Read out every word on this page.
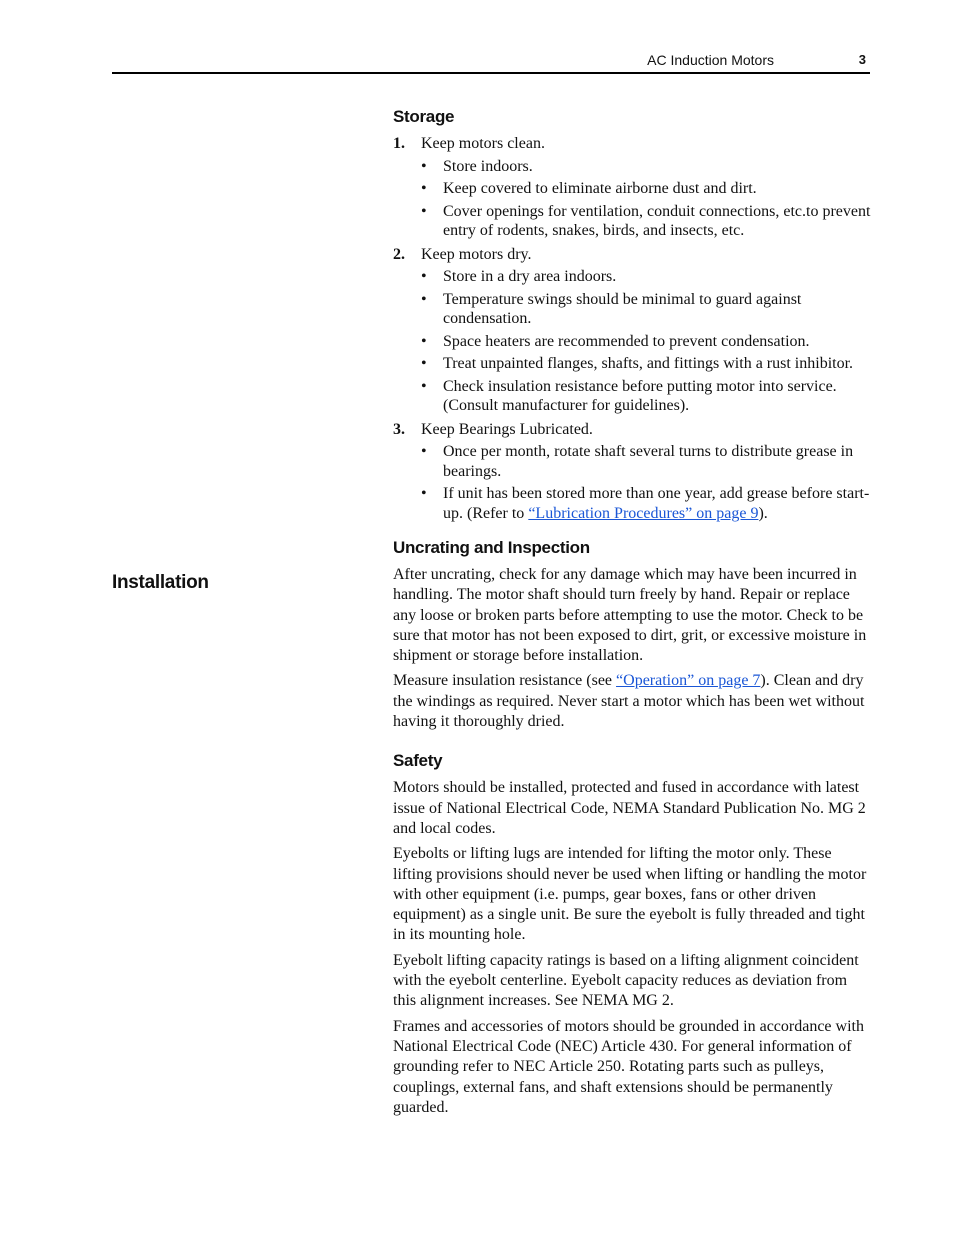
AC Induction Motors	3
Installation
Storage
1. Keep motors clean.
• Store indoors.
• Keep covered to eliminate airborne dust and dirt.
• Cover openings for ventilation, conduit connections, etc.to prevent entry of rodents, snakes, birds, and insects, etc.
2. Keep motors dry.
• Store in a dry area indoors.
• Temperature swings should be minimal to guard against condensation.
• Space heaters are recommended to prevent condensation.
• Treat unpainted flanges, shafts, and fittings with a rust inhibitor.
• Check insulation resistance before putting motor into service. (Consult manufacturer for guidelines).
3. Keep Bearings Lubricated.
• Once per month, rotate shaft several turns to distribute grease in bearings.
• If unit has been stored more than one year, add grease before start-up. (Refer to “Lubrication Procedures” on page 9).
Uncrating and Inspection

After uncrating, check for any damage which may have been incurred in handling. The motor shaft should turn freely by hand. Repair or replace any loose or broken parts before attempting to use the motor. Check to be sure that motor has not been exposed to dirt, grit, or excessive moisture in shipment or storage before installation.

Measure insulation resistance (see “Operation” on page 7). Clean and dry the windings as required. Never start a motor which has been wet without having it thoroughly dried.

Safety

Motors should be installed, protected and fused in accordance with latest issue of National Electrical Code, NEMA Standard Publication No. MG 2 and local codes.

Eyebolts or lifting lugs are intended for lifting the motor only. These lifting provisions should never be used when lifting or handling the motor with other equipment (i.e. pumps, gear boxes, fans or other driven equipment) as a single unit. Be sure the eyebolt is fully threaded and tight in its mounting hole.

Eyebolt lifting capacity ratings is based on a lifting alignment coincident with the eyebolt centerline. Eyebolt capacity reduces as deviation from this alignment increases. See NEMA MG 2.

Frames and accessories of motors should be grounded in accordance with National Electrical Code (NEC) Article 430. For general information of grounding refer to NEC Article 250. Rotating parts such as pulleys, couplings, external fans, and shaft extensions should be permanently guarded.
